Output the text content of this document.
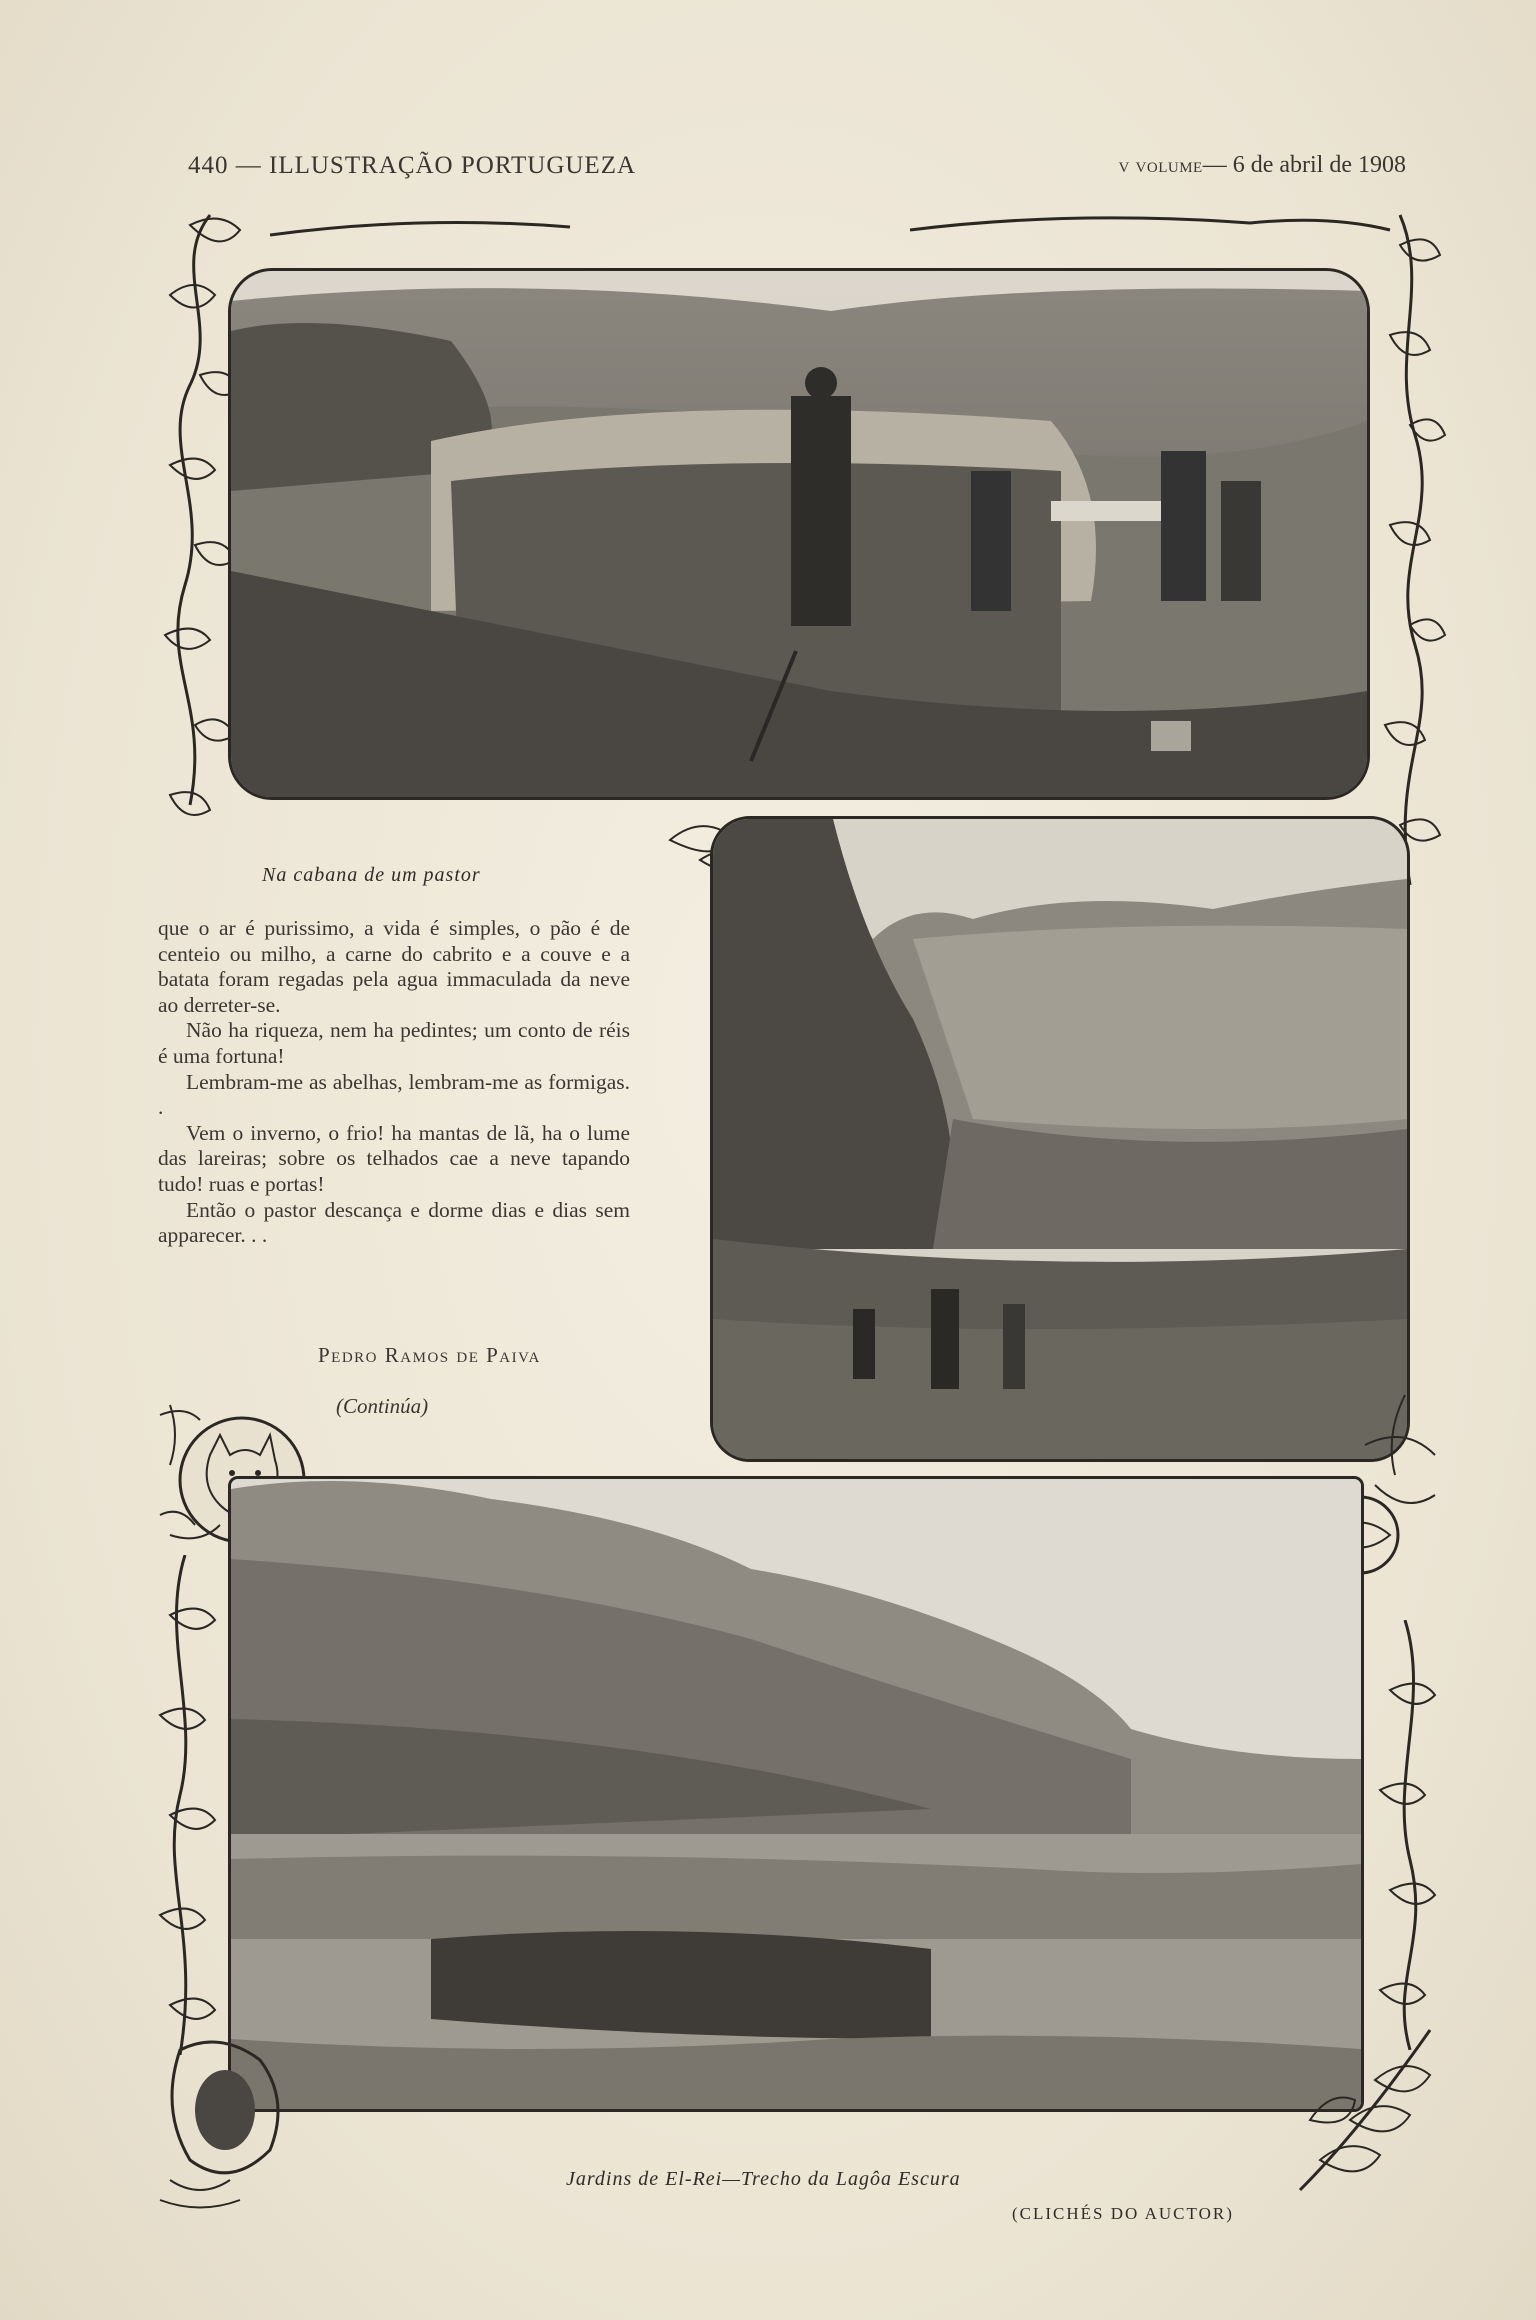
440 — ILLUSTRAÇÃO PORTUGUEZA	v volume— 6 de abril de 1908
Na cabana de um pastor

que o ar é purissimo, a vida é simples, o pão é de centeio ou milho, a carne do cabrito e a couve e a batata foram regadas pela agua immaculada da neve ao derreter-se.

Não ha riqueza, nem ha pedintes; um conto de réis é uma fortuna!

Lembram-me as abelhas, lembram-me as formigas. .

Vem o inverno, o frio! ha mantas de lã, ha o lume das lareiras; sobre os telhados cae a neve tapando tudo! ruas e portas!

Então o pastor descança e dorme dias e dias sem apparecer. . .

Pedro Ramos de Paiva
(Continúa)
Jardins de El-Rei—Trecho da Lagôa Escura
(CLICHÉS DO AUCTOR)
